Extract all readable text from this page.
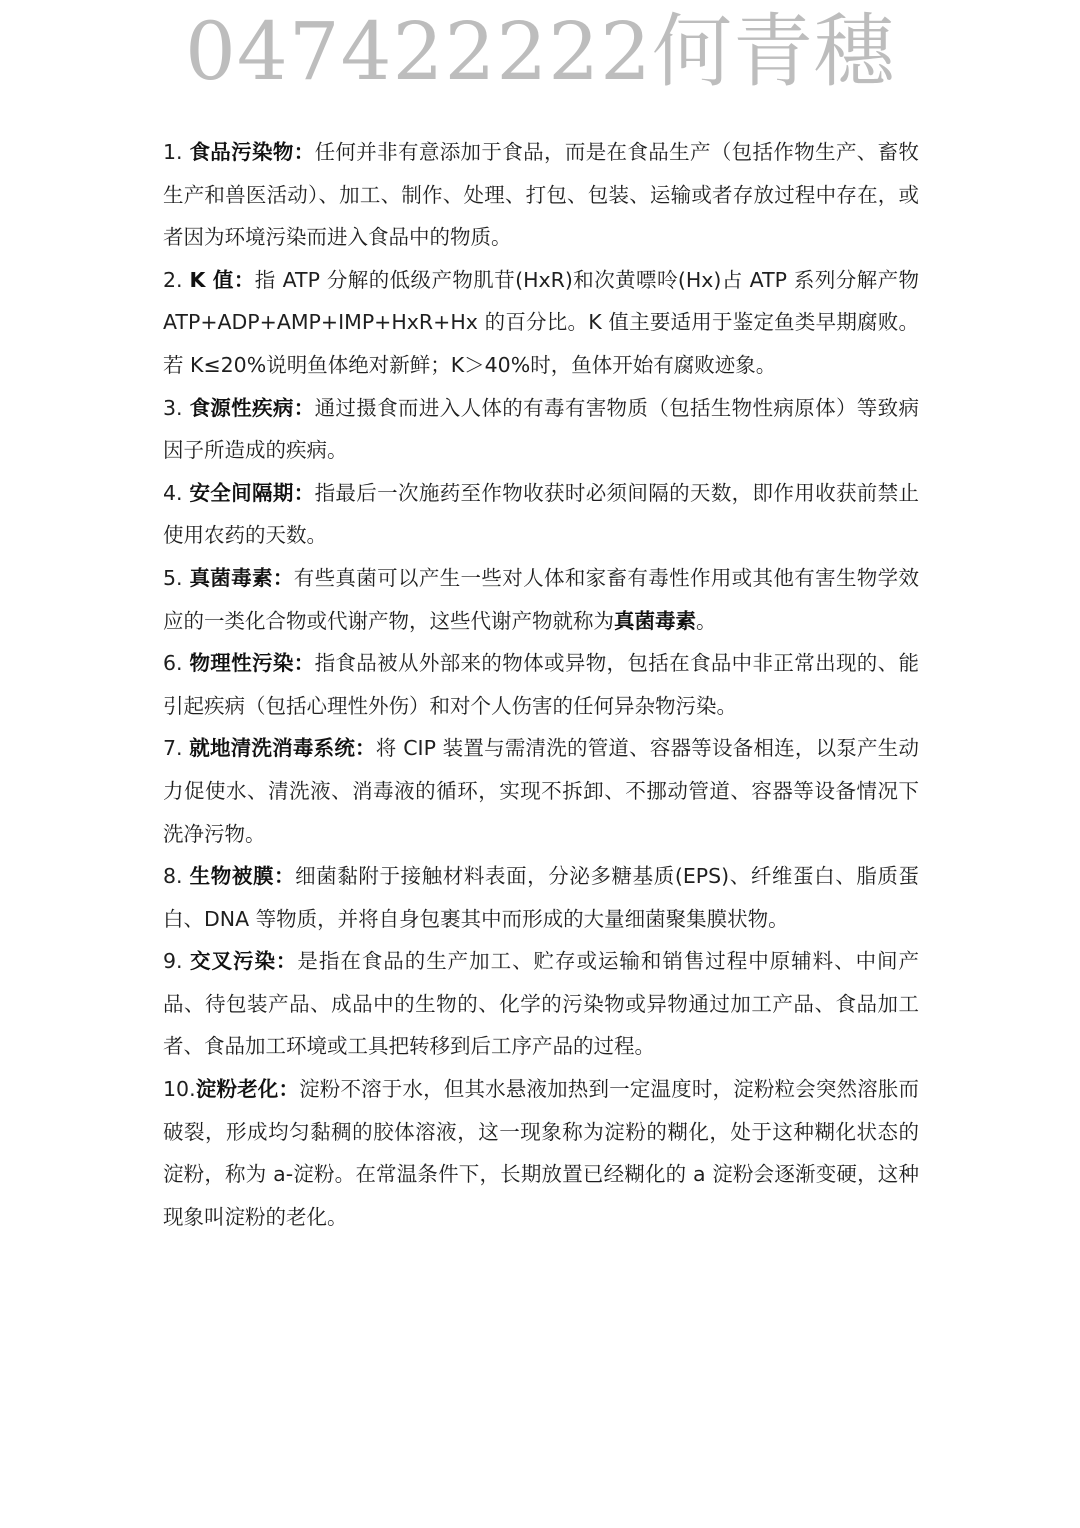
047422222何青穗

1. 食品污染物：任何并非有意添加于食品，而是在食品生产（包括作物生产、畜牧生产和兽医活动）、加工、制作、处理、打包、包装、运输或者存放过程中存在，或者因为环境污染而进入食品中的物质。

2. K 值：指 ATP 分解的低级产物肌苷(HxR)和次黄嘌呤(Hx)占 ATP 系列分解产物 ATP+ADP+AMP+IMP+HxR+Hx 的百分比。K 值主要适用于鉴定鱼类早期腐败。若 K≤20%说明鱼体绝对新鲜；K＞40%时，鱼体开始有腐败迹象。

3. 食源性疾病：通过摄食而进入人体的有毒有害物质（包括生物性病原体）等致病因子所造成的疾病。

4. 安全间隔期：指最后一次施药至作物收获时必须间隔的天数，即作用收获前禁止使用农药的天数。

5. 真菌毒素：有些真菌可以产生一些对人体和家畜有毒性作用或其他有害生物学效应的一类化合物或代谢产物，这些代谢产物就称为真菌毒素。

6. 物理性污染：指食品被从外部来的物体或异物，包括在食品中非正常出现的、能引起疾病（包括心理性外伤）和对个人伤害的任何异杂物污染。

7. 就地清洗消毒系统：将 CIP 装置与需清洗的管道、容器等设备相连，以泵产生动力促使水、清洗液、消毒液的循环，实现不拆卸、不挪动管道、容器等设备情况下洗净污物。

8. 生物被膜：细菌黏附于接触材料表面，分泌多糖基质(EPS)、纤维蛋白、脂质蛋白、DNA 等物质，并将自身包裹其中而形成的大量细菌聚集膜状物。

9. 交叉污染：是指在食品的生产加工、贮存或运输和销售过程中原辅料、中间产品、待包装产品、成品中的生物的、化学的污染物或异物通过加工产品、食品加工者、食品加工环境或工具把转移到后工序产品的过程。

10.淀粉老化：淀粉不溶于水，但其水悬液加热到一定温度时，淀粉粒会突然溶胀而破裂，形成均匀黏稠的胶体溶液，这一现象称为淀粉的糊化，处于这种糊化状态的淀粉，称为 a-淀粉。在常温条件下，长期放置已经糊化的 a 淀粉会逐渐变硬，这种现象叫淀粉的老化。
